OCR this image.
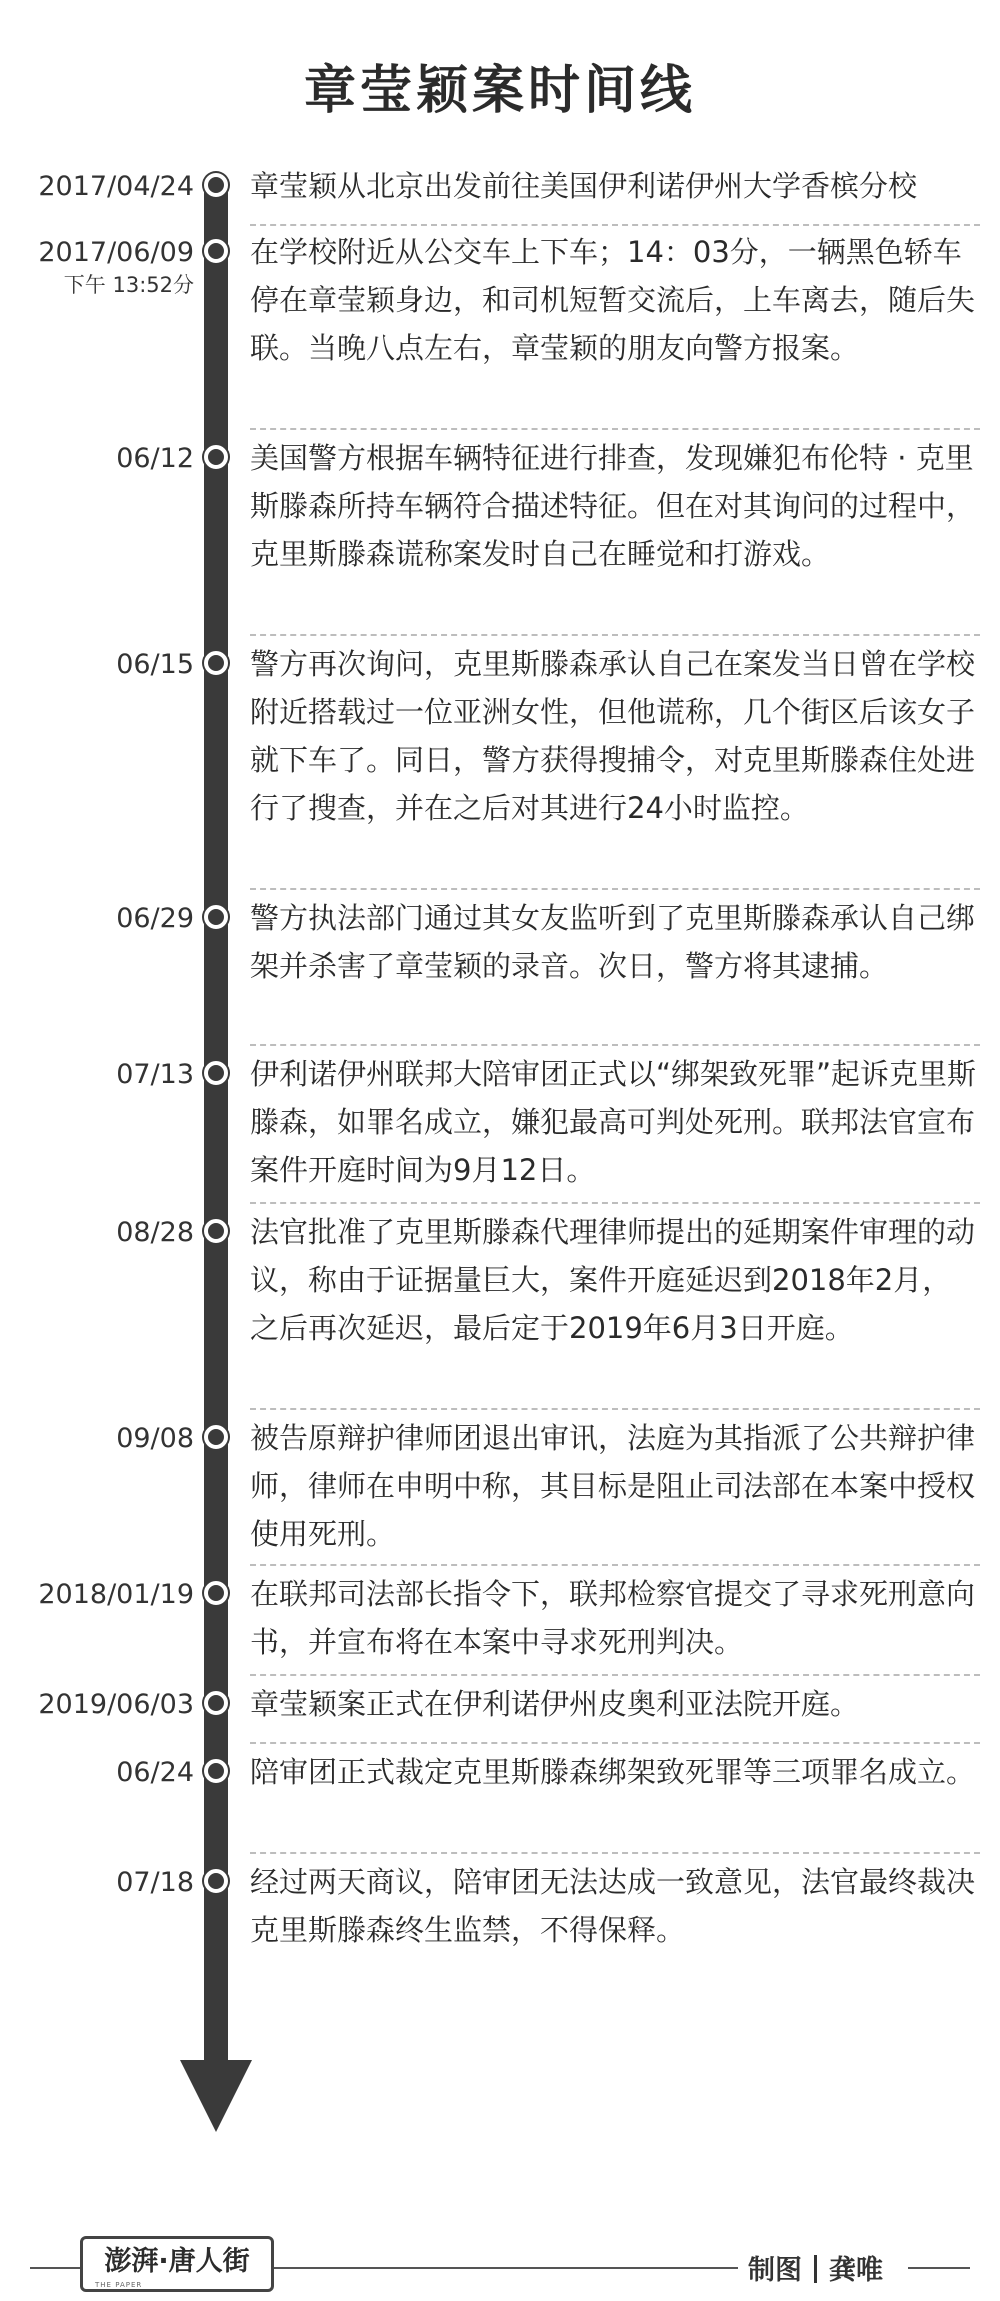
章莹颖案时间线
2017/04/24 章莹颖从北京出发前往美国伊利诺伊州大学香槟分校
2017/06/09
下午 13:52分
在学校附近从公交车上下车；14：03分，一辆黑色轿车停在章莹颖身边，和司机短暂交流后，上车离去，随后失联。当晚八点左右，章莹颖的朋友向警方报案。
06/12 美国警方根据车辆特征进行排查，发现嫌犯布伦特 · 克里斯滕森所持车辆符合描述特征。但在对其询问的过程中，克里斯滕森谎称案发时自己在睡觉和打游戏。
06/15 警方再次询问，克里斯滕森承认自己在案发当日曾在学校附近搭载过一位亚洲女性，但他谎称，几个街区后该女子就下车了。同日，警方获得搜捕令，对克里斯滕森住处进行了搜查，并在之后对其进行24小时监控。
06/29 警方执法部门通过其女友监听到了克里斯滕森承认自己绑架并杀害了章莹颖的录音。次日，警方将其逮捕。
07/13 伊利诺伊州联邦大陪审团正式以“绑架致死罪”起诉克里斯滕森，如罪名成立，嫌犯最高可判处死刑。联邦法官宣布案件开庭时间为9月12日。
08/28 法官批准了克里斯滕森代理律师提出的延期案件审理的动议，称由于证据量巨大，案件开庭延迟到2018年2月，之后再次延迟，最后定于2019年6月3日开庭。
09/08 被告原辩护律师团退出审讯，法庭为其指派了公共辩护律师，律师在申明中称，其目标是阻止司法部在本案中授权使用死刑。
2018/01/19 在联邦司法部长指令下，联邦检察官提交了寻求死刑意向书，并宣布将在本案中寻求死刑判决。
2019/06/03 章莹颖案正式在伊利诺伊州皮奥利亚法院开庭。
06/24 陪审团正式裁定克里斯滕森绑架致死罪等三项罪名成立。
07/18 经过两天商议，陪审团无法达成一致意见，法官最终裁决克里斯滕森终生监禁，不得保释。
澎湃·唐人街
THE PAPER	制图 龚唯
